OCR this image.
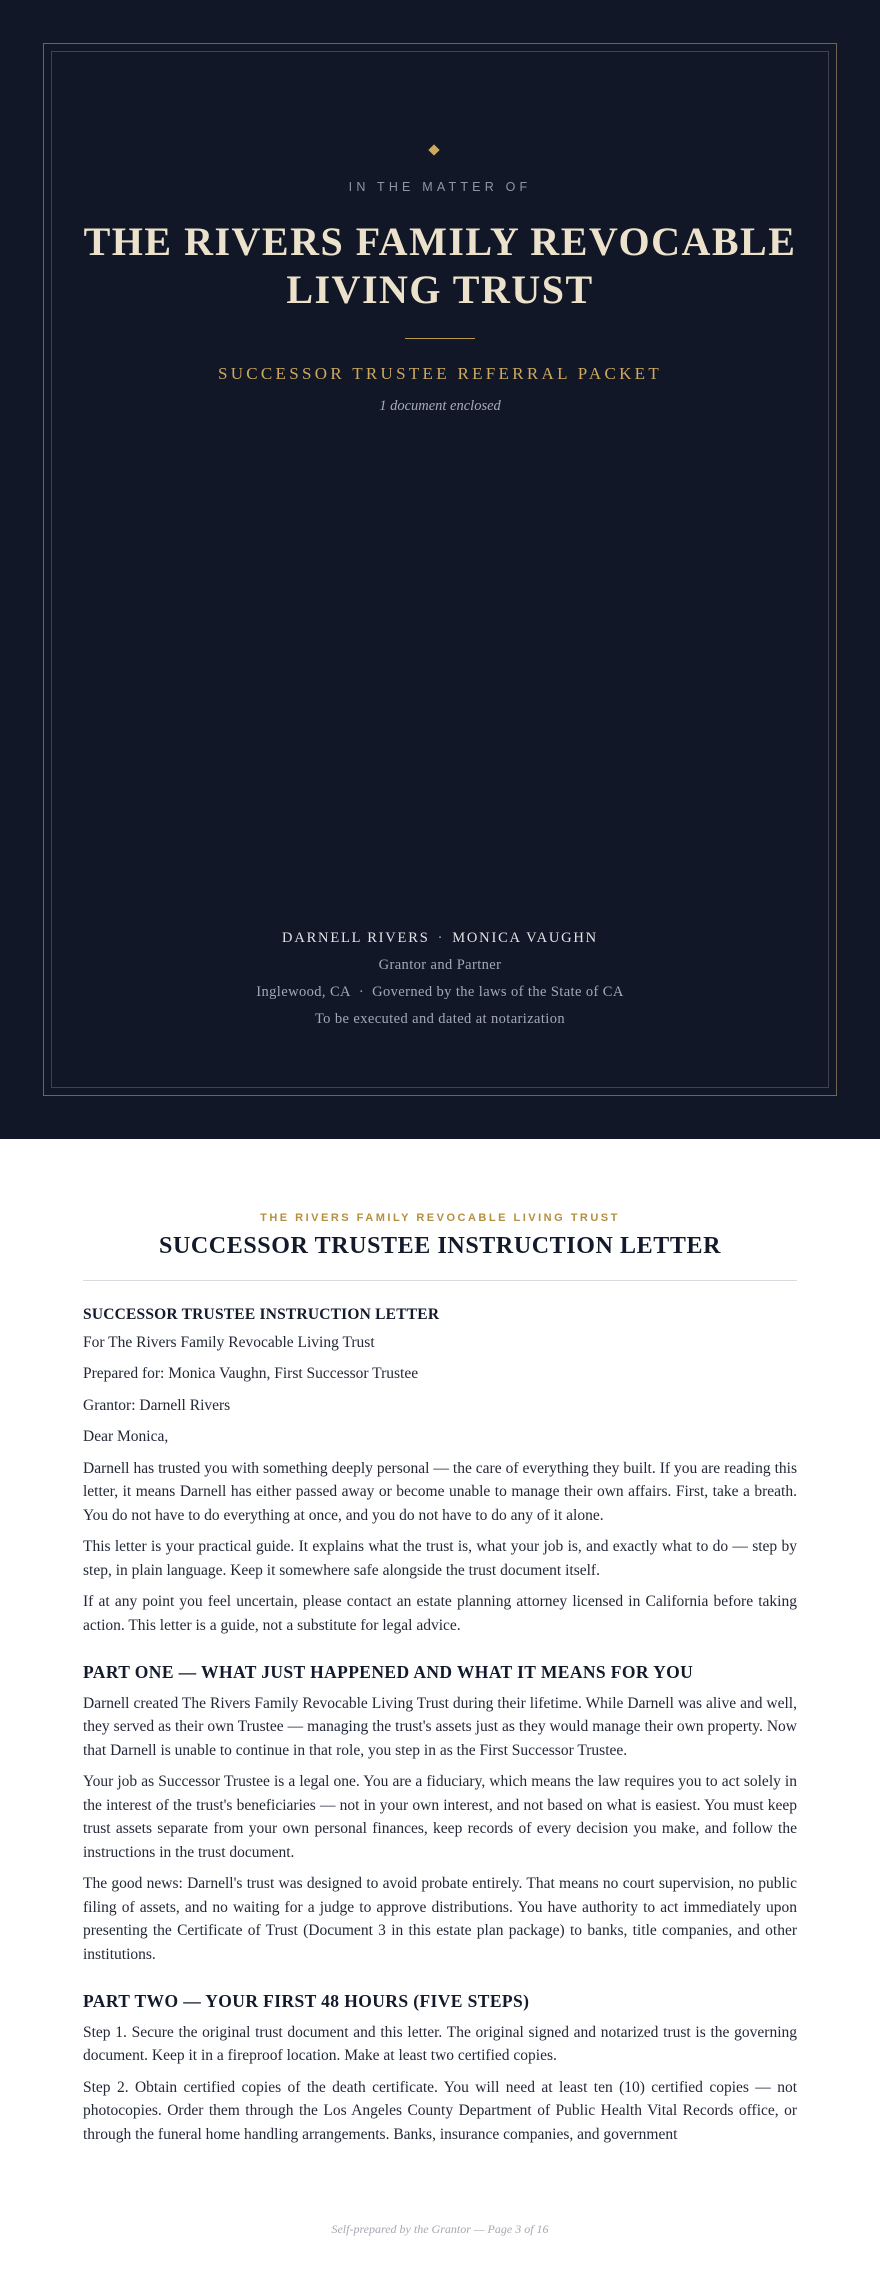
IN THE MATTER OF
THE RIVERS FAMILY REVOCABLE LIVING TRUST
SUCCESSOR TRUSTEE REFERRAL PACKET
1 document enclosed
DARNELL RIVERS · MONICA VAUGHN
Grantor and Partner
Inglewood, CA · Governed by the laws of the State of CA
To be executed and dated at notarization
THE RIVERS FAMILY REVOCABLE LIVING TRUST
SUCCESSOR TRUSTEE INSTRUCTION LETTER

SUCCESSOR TRUSTEE INSTRUCTION LETTER

For The Rivers Family Revocable Living Trust

Prepared for: Monica Vaughn, First Successor Trustee

Grantor: Darnell Rivers

Dear Monica,

Darnell has trusted you with something deeply personal — the care of everything they built. If you are reading this letter, it means Darnell has either passed away or become unable to manage their own affairs. First, take a breath. You do not have to do everything at once, and you do not have to do any of it alone.

This letter is your practical guide. It explains what the trust is, what your job is, and exactly what to do — step by step, in plain language. Keep it somewhere safe alongside the trust document itself.

If at any point you feel uncertain, please contact an estate planning attorney licensed in California before taking action. This letter is a guide, not a substitute for legal advice.

PART ONE — WHAT JUST HAPPENED AND WHAT IT MEANS FOR YOU

Darnell created The Rivers Family Revocable Living Trust during their lifetime. While Darnell was alive and well, they served as their own Trustee — managing the trust's assets just as they would manage their own property. Now that Darnell is unable to continue in that role, you step in as the First Successor Trustee.

Your job as Successor Trustee is a legal one. You are a fiduciary, which means the law requires you to act solely in the interest of the trust's beneficiaries — not in your own interest, and not based on what is easiest. You must keep trust assets separate from your own personal finances, keep records of every decision you make, and follow the instructions in the trust document.

The good news: Darnell's trust was designed to avoid probate entirely. That means no court supervision, no public filing of assets, and no waiting for a judge to approve distributions. You have authority to act immediately upon presenting the Certificate of Trust (Document 3 in this estate plan package) to banks, title companies, and other institutions.

PART TWO — YOUR FIRST 48 HOURS (FIVE STEPS)

Step 1. Secure the original trust document and this letter. The original signed and notarized trust is the governing document. Keep it in a fireproof location. Make at least two certified copies.

Step 2. Obtain certified copies of the death certificate. You will need at least ten (10) certified copies — not photocopies. Order them through the Los Angeles County Department of Public Health Vital Records office, or through the funeral home handling arrangements. Banks, insurance companies, and government

Self-prepared by the Grantor — Page 3 of 16
